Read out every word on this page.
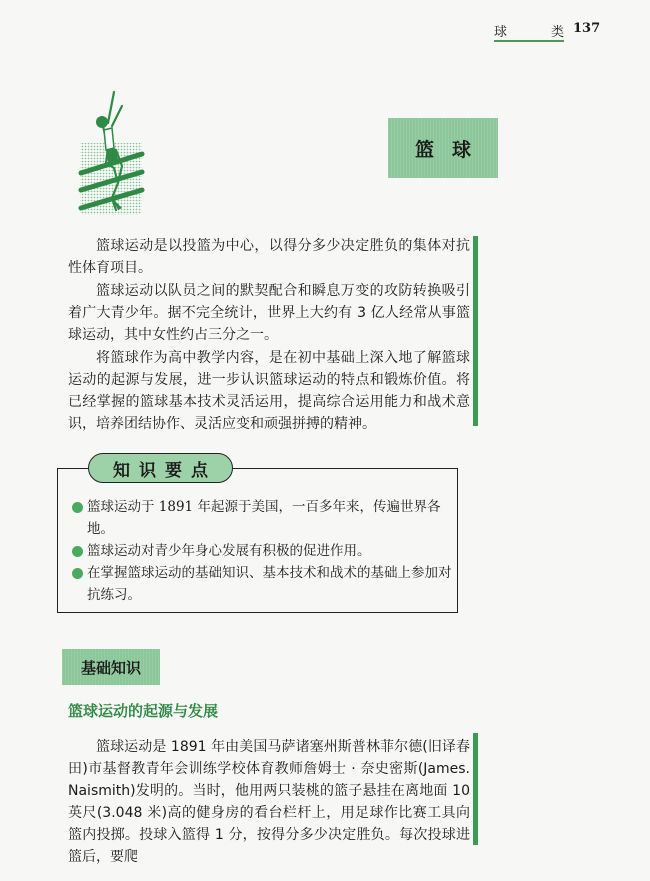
球	类 137
篮球

篮球运动是以投篮为中心，以得分多少决定胜负的集体对抗性体育项目。

篮球运动以队员之间的默契配合和瞬息万变的攻防转换吸引着广大青少年。据不完全统计，世界上大约有 3 亿人经常从事篮球运动，其中女性约占三分之一。

将篮球作为高中教学内容，是在初中基础上深入地了解篮球运动的起源与发展，进一步认识篮球运动的特点和锻炼价值。将已经掌握的篮球基本技术灵活运用，提高综合运用能力和战术意识，培养团结协作、灵活应变和顽强拼搏的精神。

知识要点
篮球运动于 1891 年起源于美国，一百多年来，传遍世界各地。
篮球运动对青少年身心发展有积极的促进作用。
在掌握篮球运动的基础知识、基本技术和战术的基础上参加对抗练习。
基础知识
篮球运动的起源与发展

篮球运动是 1891 年由美国马萨诸塞州斯普林菲尔德(旧译春田)市基督教青年会训练学校体育教师詹姆士 · 奈史密斯(James. Naismith)发明的。当时，他用两只装桃的篮子悬挂在离地面 10 英尺(3.048 米)高的健身房的看台栏杆上，用足球作比赛工具向篮内投掷。投球入篮得 1 分，按得分多少决定胜负。每次投球进篮后，要爬
